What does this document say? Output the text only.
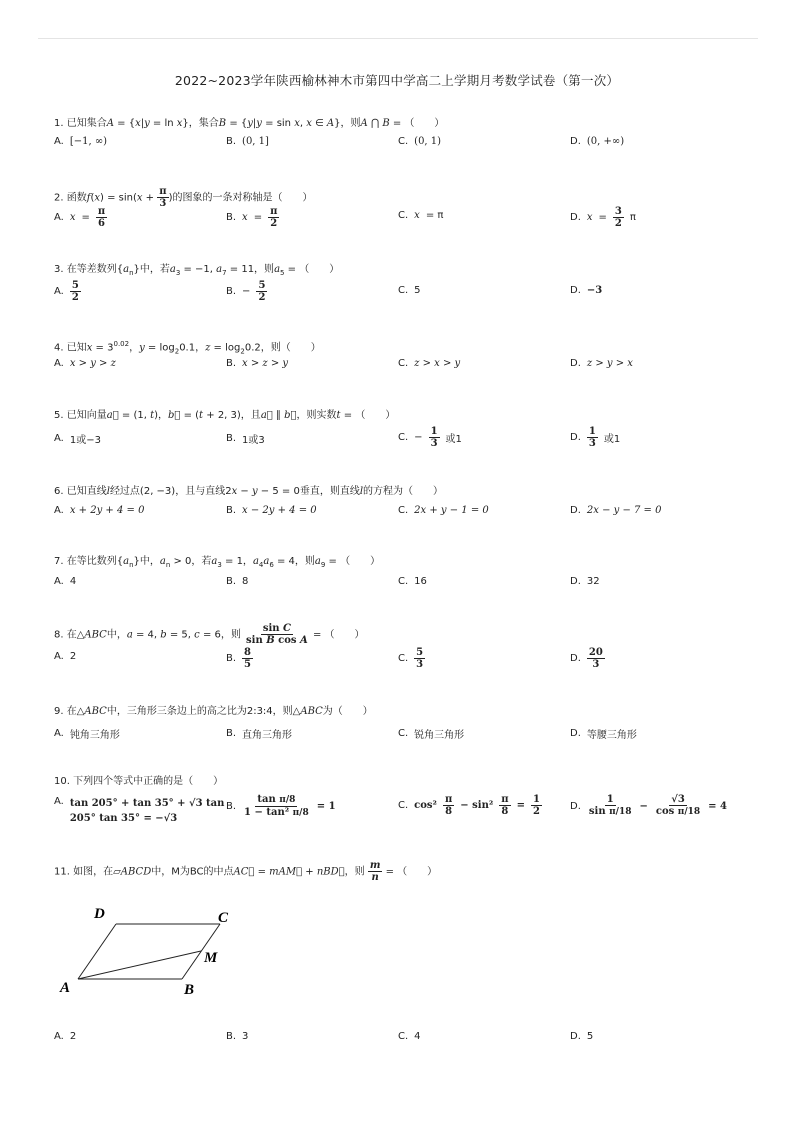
2022~2023学年陕西榆林神木市第四中学高二上学期月考数学试卷（第一次）
1. 已知集合A = {x|y = ln x}，集合B = {y|y = sin x, x ∈ A}，则A ⋂ B = （　　）
A. [−1, ∞)	B. (0, 1]	C. (0, 1)	D. (0, +∞)
2. 函数$f(x) = \sin(x + \frac{\pi}{3}$ )的图象的一条对称轴是（　　）
A. $x = \frac{\pi}{6}$	B. $x = \frac{\pi}{2}$	C. x = π	D. $x = \frac{3}{2}$ π
3. 在等差数列$\{a_n\}$中，若$a_3 = -1$, $a_7 = 11$，则$a_5$ = （　　）
A. $\frac{5}{2}$	B. − $\frac{5}{2}$	C. 5	D. −3
4. 已知$x = 3^{0.02}$，$y = \log_20.1$，$z = \log_20.2$，则（　　）
A. x > y > z	B. x > z > y	C. z > x > y	D. z > y > x
5. 已知向量a⃗ = (1, t)，b⃗ = (t + 2, 3)，且a⃗ ∥ b⃗，则实数t = （　　）
A. 1或−3	B. 1或3	C. − $\frac{1}{3}$ 或1	D. $\frac{1}{3}$ 或1
6. 已知直线l经过点(2, −3)，且与直线2x − y − 5 = 0垂直，则直线l的方程为（　　）
A. x + 2y + 4 = 0	B. x − 2y + 4 = 0	C. 2x + y − 1 = 0	D. 2x − y − 7 = 0
7. 在等比数列$\{a_n\}$中，$a_n > 0$，若$a_3 = 1$，$a_4a_6 = 4$，则$a_9$ = （　　）
A. 4	B. 8	C. 16	D. 32
8. 在△ABC中，a = 4, b = 5, c = 6，则 $\frac{\text{sin C}}{\text{sin B cos A}}$ = （　　）
A. 2	B. $\frac{8}{5}$	C. $\frac{5}{3}$	D. $\frac{20}{3}$
9. 在△ABC中，三角形三条边上的高之比为2:3:4，则△ABC为（　　）
A. 钝角三角形	B. 直角三角形	C. 锐角三角形	D. 等腰三角形
10. 下列四个等式中正确的是（　　）
A. tan 205° + tan 35° + √3 tan
205° tan 35° = −√3
B. $\frac{\text{tan π/8}}{\text{1 − tan² π/8}} = 1$	C. $\cos^2 \frac{\pi}{8} - \sin^2 \frac{\pi}{8} = \frac{1}{2}$	D. $\frac{1}{\text{sin π/18}} - \frac{√3}{\text{cos π/18}} = 4$
11. 如图，在▱ABCD中，M为BC的中点AC⃗ = mAM⃗ + nBD⃗，则 $\frac{m}{n}$ = （　　）
D	C
M
A	B
A. 2	B. 3	C. 4	D. 5
